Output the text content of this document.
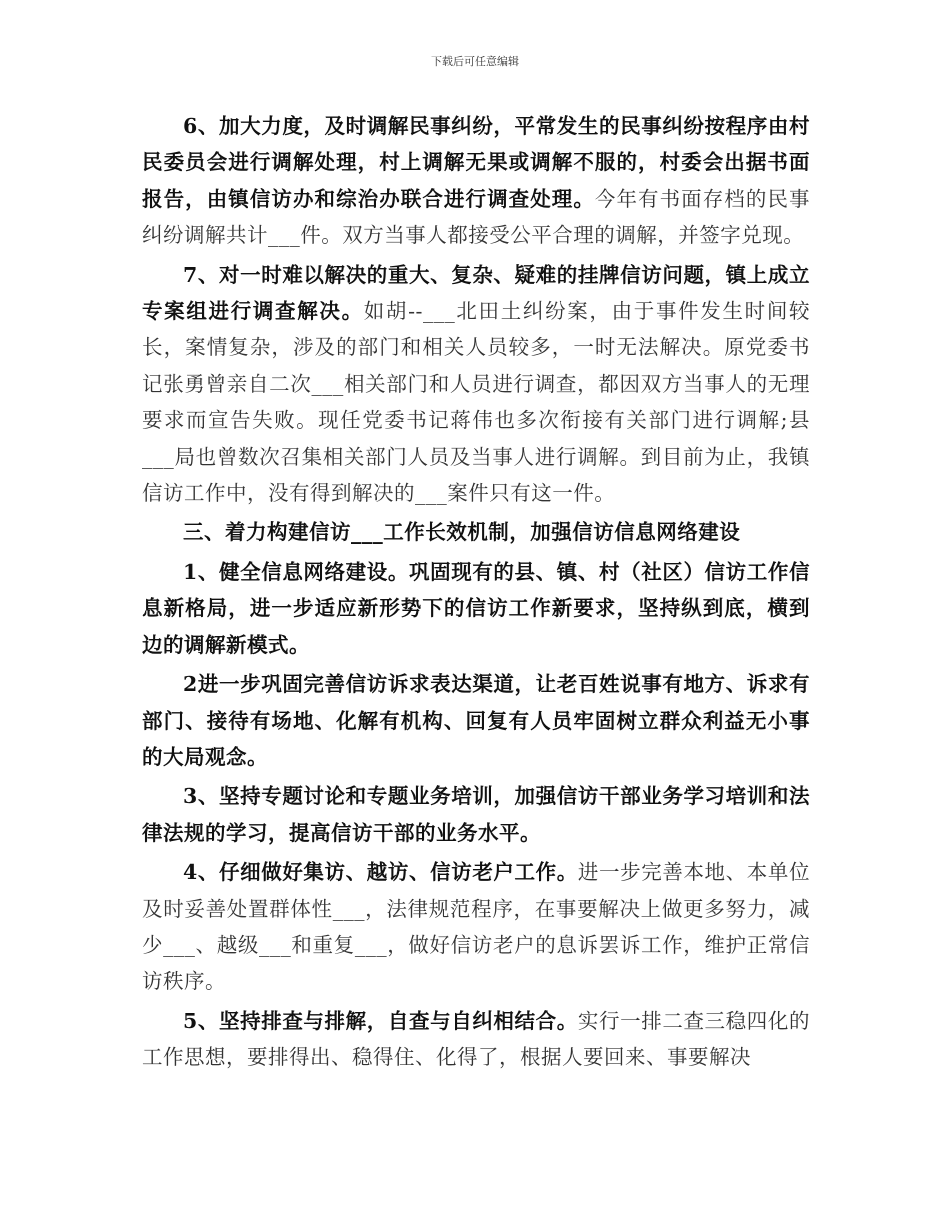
下载后可任意编辑

6、加大力度，及时调解民事纠纷，平常发生的民事纠纷按程序由村民委员会进行调解处理，村上调解无果或调解不服的，村委会出据书面报告，由镇信访办和综治办联合进行调查处理。今年有书面存档的民事纠纷调解共计___件。双方当事人都接受公平合理的调解，并签字兑现。

7、对一时难以解决的重大、复杂、疑难的挂牌信访问题，镇上成立专案组进行调查解决。如胡--___北田土纠纷案，由于事件发生时间较长，案情复杂，涉及的部门和相关人员较多，一时无法解决。原党委书记张勇曾亲自二次___相关部门和人员进行调查，都因双方当事人的无理要求而宣告失败。现任党委书记蒋伟也多次衔接有关部门进行调解;县___局也曾数次召集相关部门人员及当事人进行调解。到目前为止，我镇信访工作中，没有得到解决的___案件只有这一件。

三、着力构建信访___工作长效机制，加强信访信息网络建设

1、健全信息网络建设。巩固现有的县、镇、村（社区）信访工作信息新格局，进一步适应新形势下的信访工作新要求，坚持纵到底，横到边的调解新模式。

2进一步巩固完善信访诉求表达渠道，让老百姓说事有地方、诉求有部门、接待有场地、化解有机构、回复有人员牢固树立群众利益无小事的大局观念。

3、坚持专题讨论和专题业务培训，加强信访干部业务学习培训和法律法规的学习，提高信访干部的业务水平。

4、仔细做好集访、越访、信访老户工作。进一步完善本地、本单位及时妥善处置群体性___，法律规范程序，在事要解决上做更多努力，减少___、越级___和重复___，做好信访老户的息诉罢诉工作，维护正常信访秩序。

5、坚持排查与排解，自查与自纠相结合。实行一排二查三稳四化的工作思想，要排得出、稳得住、化得了，根据人要回来、事要解决
